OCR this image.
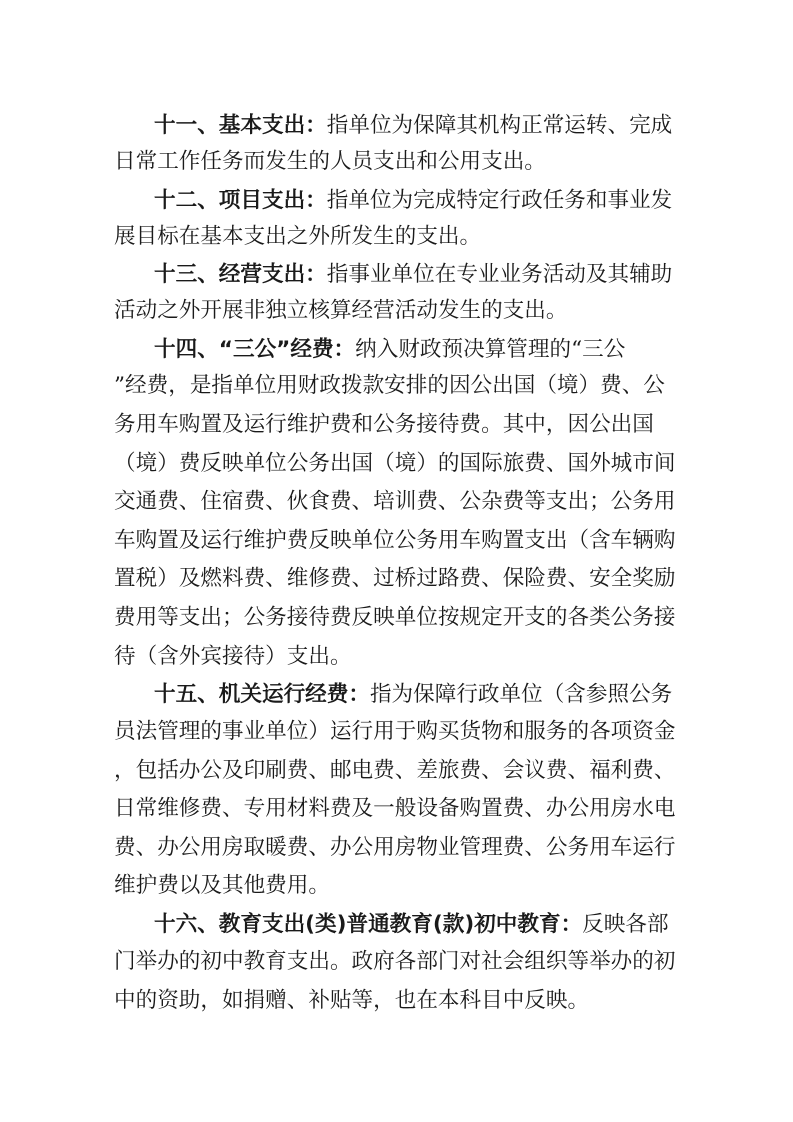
十一、基本支出：指单位为保障其机构正常运转、完成
日常工作任务而发生的人员支出和公用支出。
十二、项目支出：指单位为完成特定行政任务和事业发
展目标在基本支出之外所发生的支出。
十三、经营支出：指事业单位在专业业务活动及其辅助
活动之外开展非独立核算经营活动发生的支出。
十四、“三公”经费：纳入财政预决算管理的“三公
”经费，是指单位用财政拨款安排的因公出国（境）费、公
务用车购置及运行维护费和公务接待费。其中，因公出国
（境）费反映单位公务出国（境）的国际旅费、国外城市间
交通费、住宿费、伙食费、培训费、公杂费等支出；公务用
车购置及运行维护费反映单位公务用车购置支出（含车辆购
置税）及燃料费、维修费、过桥过路费、保险费、安全奖励
费用等支出；公务接待费反映单位按规定开支的各类公务接
待（含外宾接待）支出。
十五、机关运行经费：指为保障行政单位（含参照公务
员法管理的事业单位）运行用于购买货物和服务的各项资金
，包括办公及印刷费、邮电费、差旅费、会议费、福利费、
日常维修费、专用材料费及一般设备购置费、办公用房水电
费、办公用房取暖费、办公用房物业管理费、公务用车运行
维护费以及其他费用。
十六、教育支出(类)普通教育(款)初中教育：反映各部
门举办的初中教育支出。政府各部门对社会组织等举办的初
中的资助，如捐赠、补贴等，也在本科目中反映。
